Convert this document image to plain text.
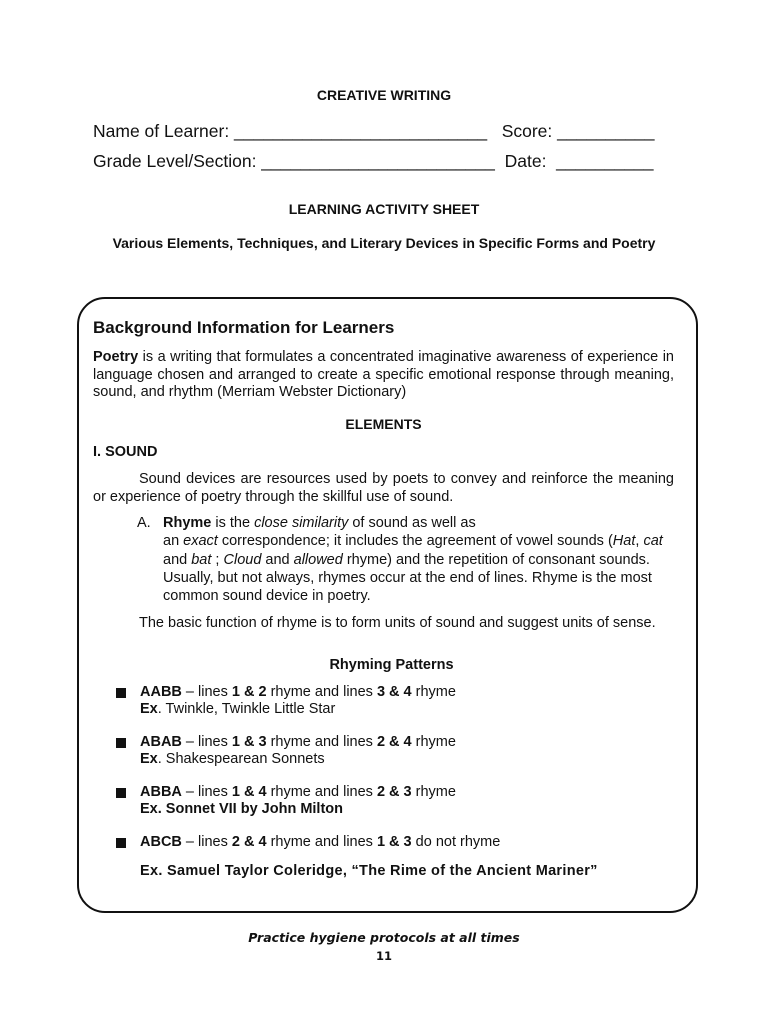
CREATIVE WRITING
Name of Learner: __________________________   Score: __________
Grade Level/Section: ________________________  Date:  __________
LEARNING ACTIVITY SHEET
Various Elements, Techniques, and Literary Devices in Specific Forms and Poetry
Background Information for Learners
Poetry is a writing that formulates a concentrated imaginative awareness of experience in language chosen and arranged to create a specific emotional response through meaning, sound, and rhythm (Merriam Webster Dictionary)
ELEMENTS
I. SOUND
Sound devices are resources used by poets to convey and reinforce the meaning or experience of poetry through the skillful use of sound.
A. Rhyme is the close similarity of sound as well as
an exact correspondence; it includes the agreement of vowel sounds (Hat, cat and bat ; Cloud and allowed rhyme) and the repetition of consonant sounds. Usually, but not always, rhymes occur at the end of lines. Rhyme is the most common sound device in poetry.
The basic function of rhyme is to form units of sound and suggest units of sense.
Rhyming Patterns
AABB – lines 1 & 2 rhyme and lines 3 & 4 rhyme
Ex. Twinkle, Twinkle Little Star
ABAB – lines 1 & 3 rhyme and lines 2 & 4 rhyme
Ex. Shakespearean Sonnets
ABBA – lines 1 & 4 rhyme and lines 2 & 3 rhyme
Ex. Sonnet VII by John Milton
ABCB – lines 2 & 4 rhyme and lines 1 & 3 do not rhyme
Ex. Samuel Taylor Coleridge, “The Rime of the Ancient Mariner”
Practice hygiene protocols at all times
11
